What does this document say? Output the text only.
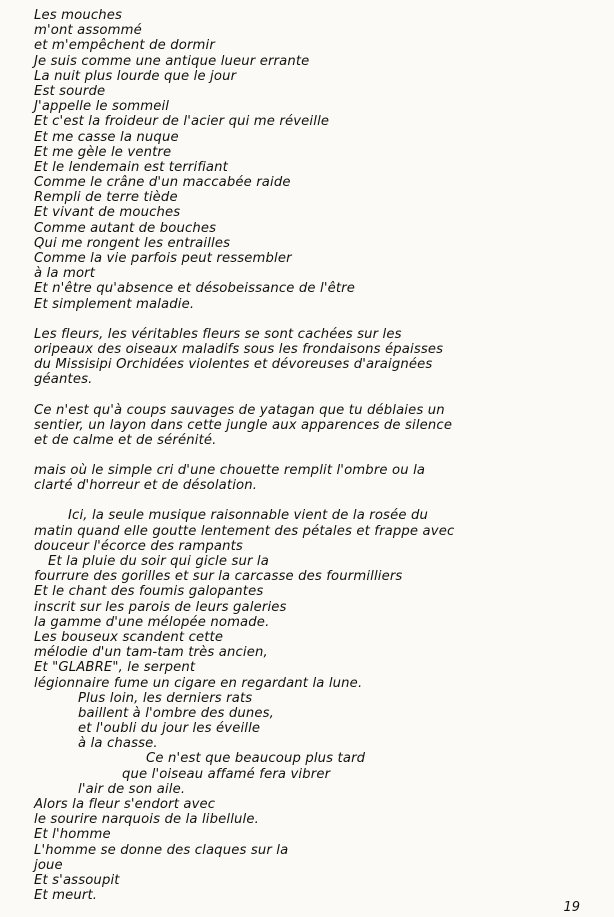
Les mouches
m'ont assommé
et m'empêchent de dormir
Je suis comme une antique lueur errante
La nuit plus lourde que le jour
Est sourde
J'appelle le sommeil
Et c'est la froideur de l'acier qui me réveille
Et me casse la nuque
Et me gèle le ventre
Et le lendemain est terrifiant
Comme le crâne d'un maccabée raide
Rempli de terre tiède
Et vivant de mouches
Comme autant de bouches
Qui me rongent les entrailles
Comme la vie parfois peut ressembler
à la mort
Et n'être qu'absence et désobeissance de l'être
Et simplement maladie.
Les fleurs, les véritables fleurs se sont cachées sur les
oripeaux des oiseaux maladifs sous les frondaisons épaisses
du Missisipi Orchidées violentes et dévoreuses d'araignées
géantes.
Ce n'est qu'à coups sauvages de yatagan que tu déblaies un
sentier, un layon dans cette jungle aux apparences de silence
et de calme et de sérénité.
mais où le simple cri d'une chouette remplit l'ombre ou la
clarté d'horreur et de désolation.
Ici, la seule musique raisonnable vient de la rosée du
matin quand elle goutte lentement des pétales et frappe avec
douceur l'écorce des rampants
Et la pluie du soir qui gicle sur la
fourrure des gorilles et sur la carcasse des fourmilliers
Et le chant des foumis galopantes
inscrit sur les parois de leurs galeries
la gamme d'une mélopée nomade.
Les bouseux scandent cette
mélodie d'un tam-tam très ancien,
Et "GLABRE", le serpent
légionnaire fume un cigare en regardant la lune.
Plus loin, les derniers rats
baillent à l'ombre des dunes,
et l'oubli du jour les éveille
à la chasse.
Ce n'est que beaucoup plus tard
que l'oiseau affamé fera vibrer
l'air de son aile.
Alors la fleur s'endort avec
le sourire narquois de la libellule.
Et l'homme
L'homme se donne des claques sur la
joue
Et s'assoupit
Et meurt.
19
